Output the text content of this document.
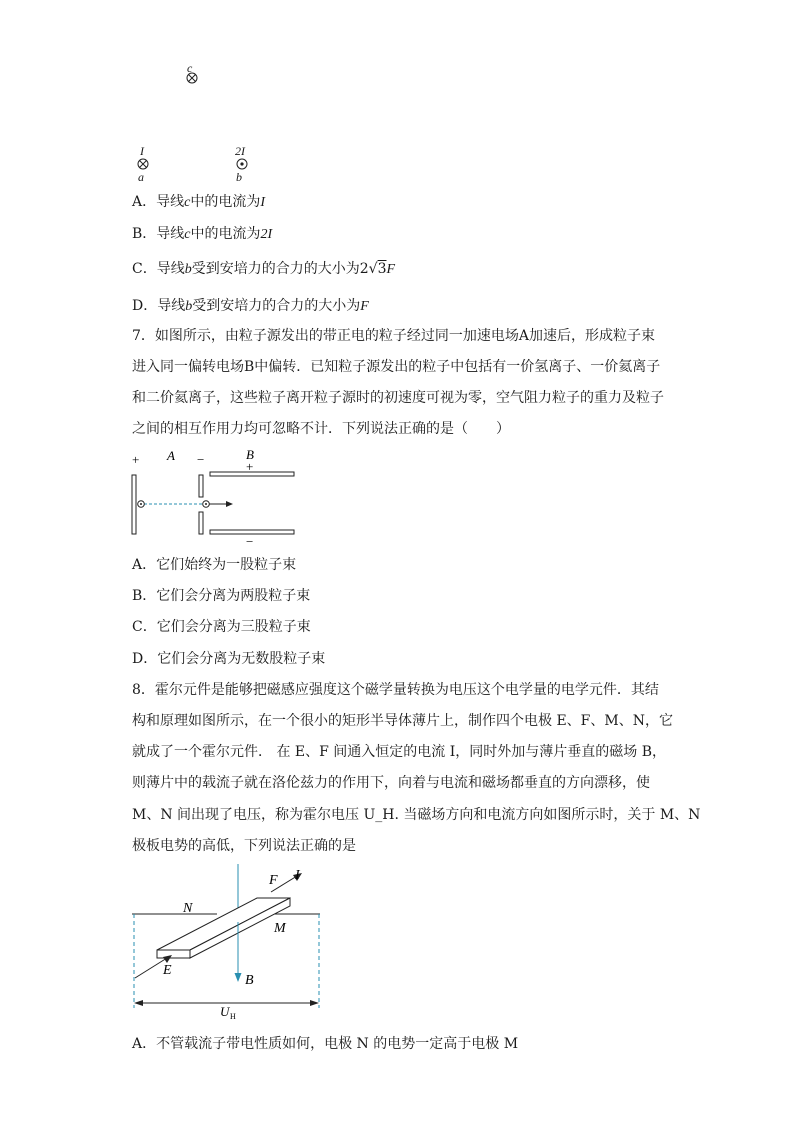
c
I
a
2I
b
A．导线c中的电流为I
B．导线c中的电流为2I
C．导线b受到安培力的合力的大小为2√3F
D．导线b受到安培力的合力的大小为F
7．如图所示，由粒子源发出的带正电的粒子经过同一加速电场A加速后，形成粒子束
进入同一偏转电场B中偏转．已知粒子源发出的粒子中包括有一价氢离子、一价氦离子
和二价氦离子，这些粒子离开粒子源时的初速度可视为零，空气阻力粒子的重力及粒子
之间的相互作用力均可忽略不计．下列说法正确的是（　　）
+ A −	B
+
−
A．它们始终为一股粒子束
B．它们会分离为两股粒子束
C．它们会分离为三股粒子束
D．它们会分离为无数股粒子束
8．霍尔元件是能够把磁感应强度这个磁学量转换为电压这个电学量的电学元件．其结
构和原理如图所示，在一个很小的矩形半导体薄片上，制作四个电极 E、F、M、N，它
就成了一个霍尔元件． 在 E、F 间通入恒定的电流 I，同时外加与薄片垂直的磁场 B，
则薄片中的载流子就在洛伦兹力的作用下，向着与电流和磁场都垂直的方向漂移，使
M、N 间出现了电压，称为霍尔电压 U_H. 当磁场方向和电流方向如图所示时，关于 M、N
极板电势的高低，下列说法正确的是
F I
N
M
E
B
U H
A．不管载流子带电性质如何，电极 N 的电势一定高于电极 M
